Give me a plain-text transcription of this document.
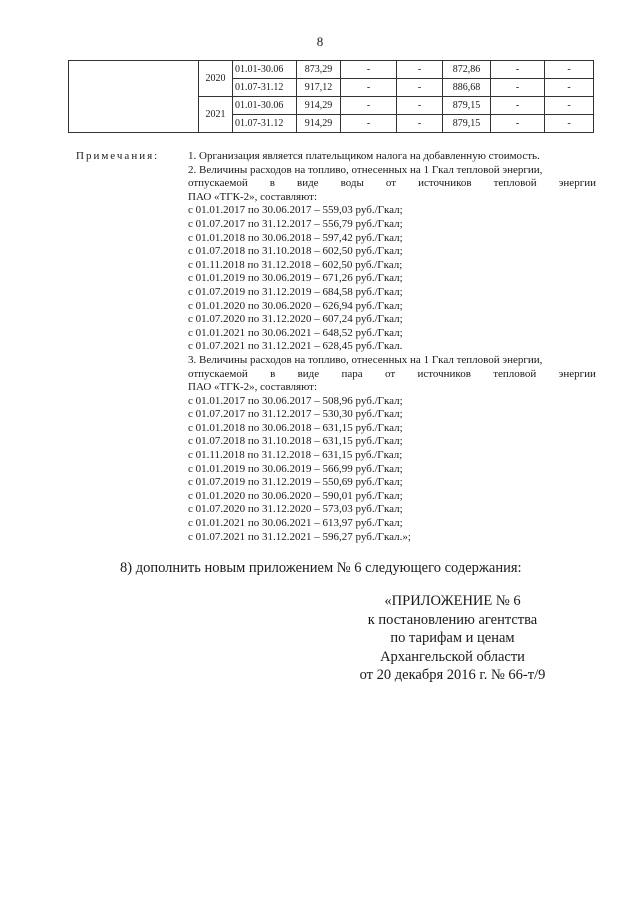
8
	2020	01.01-30.06	873,29	-	-	872,86	-	-
		01.07-31.12	917,12	-	-	886,68	-	-
	2021	01.01-30.06	914,29	-	-	879,15	-	-
		01.07-31.12	914,29	-	-	879,15	-	-
Примечания:	1. Организация является плательщиком налога на добавленную стоимость.
2. Величины расходов на топливо, отнесенных на 1 Гкал тепловой энергии,
отпускаемой в виде воды от источников тепловой энергии
ПАО «ТГК-2», составляют:
с 01.01.2017 по 30.06.2017 – 559,03 руб./Гкал;
с 01.07.2017 по 31.12.2017 – 556,79 руб./Гкал;
с 01.01.2018 по 30.06.2018 – 597,42 руб./Гкал;
с 01.07.2018 по 31.10.2018 – 602,50 руб./Гкал;
с 01.11.2018 по 31.12.2018 – 602,50 руб./Гкал;
с 01.01.2019 по 30.06.2019 – 671,26 руб./Гкал;
с 01.07.2019 по 31.12.2019 – 684,58 руб./Гкал;
с 01.01.2020 по 30.06.2020 – 626,94 руб./Гкал;
с 01.07.2020 по 31.12.2020 – 607,24 руб./Гкал;
с 01.01.2021 по 30.06.2021 – 648,52 руб./Гкал;
с 01.07.2021 по 31.12.2021 – 628,45 руб./Гкал.
3. Величины расходов на топливо, отнесенных на 1 Гкал тепловой энергии,
отпускаемой в виде пара от источников тепловой энергии
ПАО «ТГК-2», составляют:
с 01.01.2017 по 30.06.2017 – 508,96 руб./Гкал;
с 01.07.2017 по 31.12.2017 – 530,30 руб./Гкал;
с 01.01.2018 по 30.06.2018 – 631,15 руб./Гкал;
с 01.07.2018 по 31.10.2018 – 631,15 руб./Гкал;
с 01.11.2018 по 31.12.2018 – 631,15 руб./Гкал;
с 01.01.2019 по 30.06.2019 – 566,99 руб./Гкал;
с 01.07.2019 по 31.12.2019 – 550,69 руб./Гкал;
с 01.01.2020 по 30.06.2020 – 590,01 руб./Гкал;
с 01.07.2020 по 31.12.2020 – 573,03 руб./Гкал;
с 01.01.2021 по 30.06.2021 – 613,97 руб./Гкал;
с 01.07.2021 по 31.12.2021 – 596,27 руб./Гкал.»;
8) дополнить новым приложением № 6 следующего содержания:
«ПРИЛОЖЕНИЕ № 6
к постановлению агентства
по тарифам и ценам
Архангельской области
от 20 декабря 2016 г. № 66-т/9
